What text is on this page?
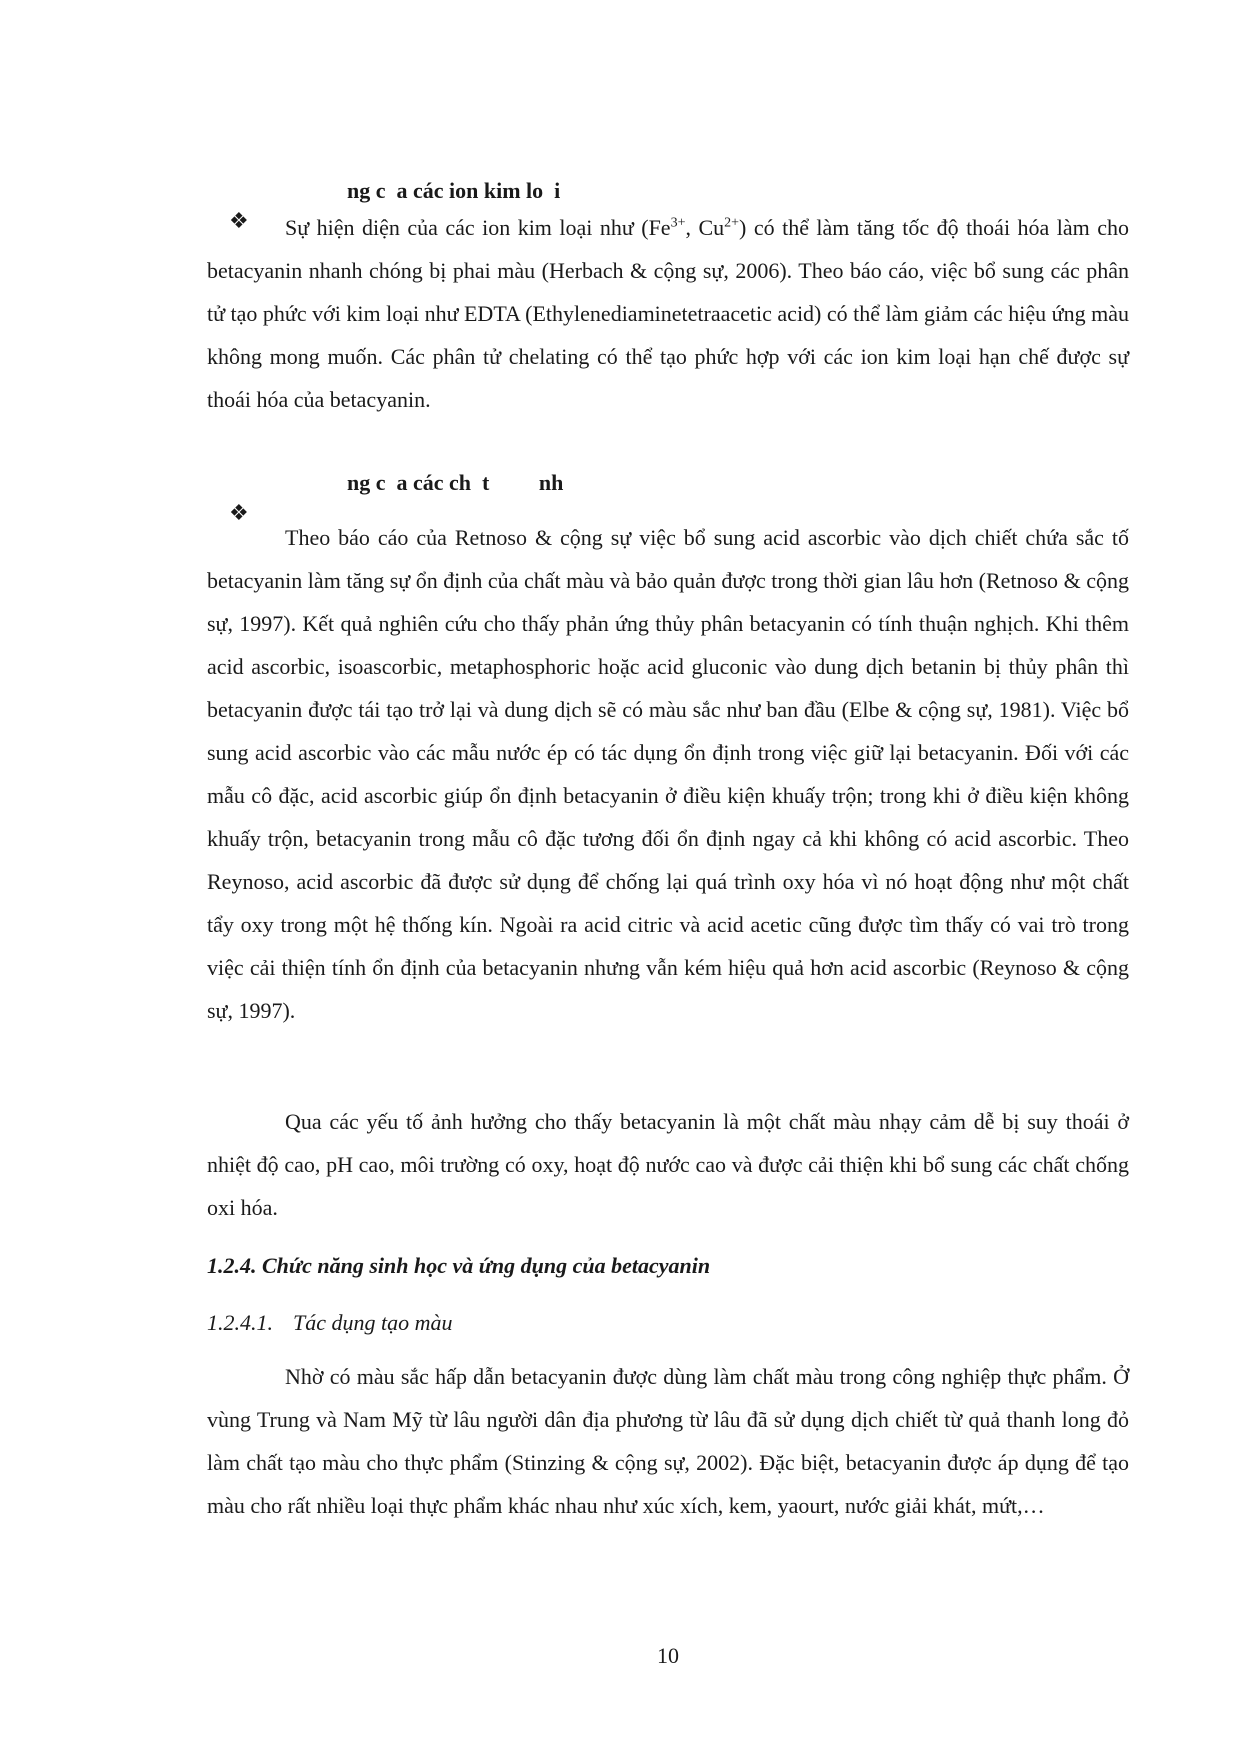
❖

ng c  a các ion kim lo  i

Sự hiện diện của các ion kim loại như ($Fe^{3+}$, $Cu^{2+}$) có thể làm tăng tốc độ thoái hóa làm cho betacyanin nhanh chóng bị phai màu (Herbach & cộng sự, 2006). Theo báo cáo, việc bổ sung các phân tử tạo phức với kim loại như EDTA (Ethylenediaminetetraacetic acid) có thể làm giảm các hiệu ứng màu không mong muốn. Các phân tử chelating có thể tạo phức hợp với các ion kim loại hạn chế được sự thoái hóa của betacyanin.

❖

ng c  a các ch  t         nh

Theo báo cáo của Retnoso & cộng sự việc bổ sung acid ascorbic vào dịch chiết chứa sắc tố betacyanin làm tăng sự ổn định của chất màu và bảo quản được trong thời gian lâu hơn (Retnoso & cộng sự, 1997). Kết quả nghiên cứu cho thấy phản ứng thủy phân betacyanin có tính thuận nghịch. Khi thêm acid ascorbic, isoascorbic, metaphosphoric hoặc acid gluconic vào dung dịch betanin bị thủy phân thì betacyanin được tái tạo trở lại và dung dịch sẽ có màu sắc như ban đầu (Elbe & cộng sự, 1981). Việc bổ sung acid ascorbic vào các mẫu nước ép có tác dụng ổn định trong việc giữ lại betacyanin. Đối với các mẫu cô đặc, acid ascorbic giúp ổn định betacyanin ở điều kiện khuấy trộn; trong khi ở điều kiện không khuấy trộn, betacyanin trong mẫu cô đặc tương đối ổn định ngay cả khi không có acid ascorbic. Theo Reynoso, acid ascorbic đã được sử dụng để chống lại quá trình oxy hóa vì nó hoạt động như một chất tẩy oxy trong một hệ thống kín. Ngoài ra acid citric và acid acetic cũng được tìm thấy có vai trò trong việc cải thiện tính ổn định của betacyanin nhưng vẫn kém hiệu quả hơn acid ascorbic (Reynoso & cộng sự, 1997).

Qua các yếu tố ảnh hưởng cho thấy betacyanin là một chất màu nhạy cảm dễ bị suy thoái ở nhiệt độ cao, pH cao, môi trường có oxy, hoạt độ nước cao và được cải thiện khi bổ sung các chất chống oxi hóa.

1.2.4. Chức năng sinh học và ứng dụng của betacyanin
1.2.4.1. Tác dụng tạo màu

Nhờ có màu sắc hấp dẫn betacyanin được dùng làm chất màu trong công nghiệp thực phẩm. Ở vùng Trung và Nam Mỹ từ lâu người dân địa phương từ lâu đã sử dụng dịch chiết từ quả thanh long đỏ làm chất tạo màu cho thực phẩm (Stinzing & cộng sự, 2002). Đặc biệt, betacyanin được áp dụng để tạo màu cho rất nhiều loại thực phẩm khác nhau như xúc xích, kem, yaourt, nước giải khát, mứt,…

10
